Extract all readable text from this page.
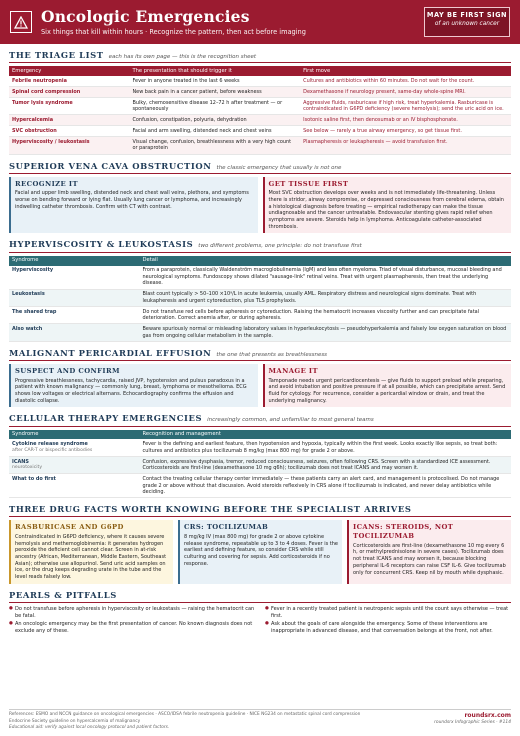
Oncologic Emergencies
Six things that kill within hours · Recognize the pattern, then act before imaging
MAY BE FIRST SIGN
of an unknown cancer
THE TRIAGE LIST each has its own page — this is the recognition sheet
Emergency	The presentation that should trigger it	First move
Febrile neutropenia	Fever in anyone treated in the last 6 weeks	Cultures and antibiotics within 60 minutes. Do not wait for the count.
Spinal cord compression	New back pain in a cancer patient, before weakness	Dexamethasone if neurology present, same-day whole-spine MRI.
Tumor lysis syndrome	Bulky, chemosensitive disease 12–72 h after treatment — or spontaneously	Aggressive fluids, rasburicase if high risk, treat hyperkalemia. Rasburicase is contraindicated in G6PD deficiency (severe hemolysis); send the uric acid on ice.
Hypercalcemia	Confusion, constipation, polyuria, dehydration	Isotonic saline first, then denosumab or an IV bisphosphonate.
SVC obstruction	Facial and arm swelling, distended neck and chest veins	See below — rarely a true airway emergency, so get tissue first.
Hyperviscosity / leukostasis	Visual change, confusion, breathlessness with a very high count or paraprotein	Plasmapheresis or leukapheresis — avoid transfusion first.
SUPERIOR VENA CAVA OBSTRUCTION the classic emergency that usually is not one
RECOGNIZE IT
Facial and upper limb swelling, distended neck and chest wall veins, plethora, and symptoms worse on bending forward or lying flat. Usually lung cancer or lymphoma, and increasingly indwelling catheter thrombosis. Confirm with CT with contrast.
GET TISSUE FIRST
Most SVC obstruction develops over weeks and is not immediately life-threatening. Unless there is stridor, airway compromise, or depressed consciousness from cerebral edema, obtain a histological diagnosis before treating — empirical radiotherapy can make the tissue undiagnosable and the cancer untreatable. Endovascular stenting gives rapid relief when symptoms are severe. Steroids help in lymphoma. Anticoagulate catheter-associated thrombosis.
HYPERVISCOSITY & LEUKOSTASIS two different problems, one principle: do not transfuse first
Syndrome	Detail
Hyperviscosity	From a paraprotein, classically Waldenström macroglobulinemia (IgM) and less often myeloma. Triad of visual disturbance, mucosal bleeding and neurological symptoms. Fundoscopy shows dilated "sausage-link" retinal veins. Treat with urgent plasmapheresis, then treat the underlying disease.
Leukostasis	Blast count typically > 50–100 ×10⁹/L in acute leukemia, usually AML. Respiratory distress and neurological signs dominate. Treat with leukapheresis and urgent cytoreduction, plus TLS prophylaxis.
The shared trap	Do not transfuse red cells before apheresis or cytoreduction. Raising the hematocrit increases viscosity further and can precipitate fatal deterioration. Correct anemia after, or during apheresis.
Also watch	Beware spuriously normal or misleading laboratory values in hyperleukocytosis — pseudohyperkalemia and falsely low oxygen saturation on blood gas from ongoing cellular metabolism in the sample.
MALIGNANT PERICARDIAL EFFUSION the one that presents as breathlessness
SUSPECT AND CONFIRM
Progressive breathlessness, tachycardia, raised JVP, hypotension and pulsus paradoxus in a patient with known malignancy — commonly lung, breast, lymphoma or mesothelioma. ECG shows low voltages or electrical alternans. Echocardiography confirms the effusion and diastolic collapse.
MANAGE IT
Tamponade needs urgent pericardiocentesis — give fluids to support preload while preparing, and avoid intubation and positive pressure if at all possible, which can precipitate arrest. Send fluid for cytology. For recurrence, consider a pericardial window or drain, and treat the underlying malignancy.
CELLULAR THERAPY EMERGENCIES increasingly common, and unfamiliar to most general teams
Syndrome	Recognition and management

Cytokine release syndrome
after CAR-T or bispecific antibodies	Fever is the defining and earliest feature, then hypotension and hypoxia, typically within the first week. Looks exactly like sepsis, so treat both: cultures and antibiotics plus tocilizumab 8 mg/kg (max 800 mg) for grade 2 or above.

ICANS
neurotoxicity	Confusion, expressive dysphasia, tremor, reduced consciousness, seizures, often following CRS. Screen with a standardized ICE assessment. Corticosteroids are first-line (dexamethasone 10 mg q6h); tocilizumab does not treat ICANS and may worsen it.

What to do first	Contact the treating cellular therapy center immediately — these patients carry an alert card, and management is protocolised. Do not manage grade 2 or above without that discussion. Avoid steroids reflexively in CRS alone if tocilizumab is indicated, and never delay antibiotics while deciding.
THREE DRUG FACTS WORTH KNOWING BEFORE THE SPECIALIST ARRIVES
RASBURICASE AND G6PD
Contraindicated in G6PD deficiency, where it causes severe hemolysis and methemoglobinemia: it generates hydrogen peroxide the deficient cell cannot clear. Screen in at-risk ancestry (African, Mediterranean, Middle Eastern, Southeast Asian); otherwise use allopurinol. Send uric acid samples on ice, or the drug keeps degrading urate in the tube and the level reads falsely low.
CRS: TOCILIZUMAB
8 mg/kg IV (max 800 mg) for grade 2 or above cytokine release syndrome, repeatable up to 3 to 4 doses. Fever is the earliest and defining feature, so consider CRS while still culturing and covering for sepsis. Add corticosteroids if no response.
ICANS: STEROIDS, NOT TOCILIZUMAB
Corticosteroids are first-line (dexamethasone 10 mg every 6 h, or methylprednisolone in severe cases). Tocilizumab does not treat ICANS and may worsen it, because blocking peripheral IL-6 receptors can raise CSF IL-6. Give tocilizumab only for concurrent CRS. Keep nil by mouth while dysphasic.
PEARLS & PITFALLS
● Do not transfuse before apheresis in hyperviscosity or leukostasis — raising the hematocrit can be fatal.
● An oncologic emergency may be the first presentation of cancer. No known diagnosis does not exclude any of these.
● Fever in a recently treated patient is neutropenic sepsis until the count says otherwise — treat first.
● Ask about the goals of care alongside the emergency. Some of these interventions are inappropriate in advanced disease, and that conversation belongs at the front, not after.
References: ESMO and NCCN guidance on oncological emergencies · ASCO/IDSA febrile neutropenia guideline · NICE NG234 on metastatic spinal cord compression
Endocrine Society guideline on hypercalcemia of malignancy
Educational aid: verify against local oncology protocol and patient factors.
roundsrx.com
roundsrx Infographic Series · #114
